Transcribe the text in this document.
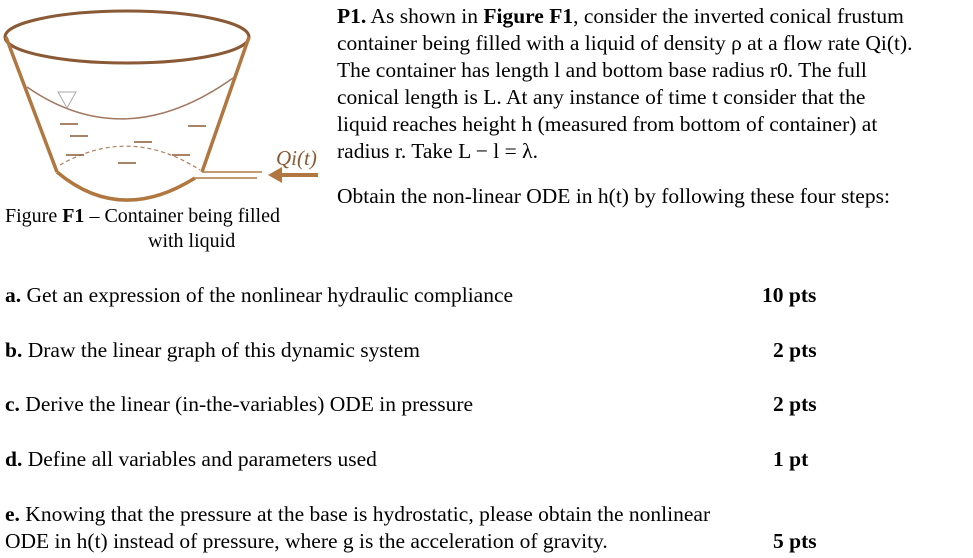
Qi(t)
Figure F1 – Container being filled
with liquid
P1. As shown in Figure F1, consider the inverted conical frustum
container being filled with a liquid of density ρ at a flow rate Qi(t).
The container has length l and bottom base radius r0. The full
conical length is L. At any instance of time t consider that the
liquid reaches height h (measured from bottom of container) at
radius r. Take L − l = λ.
Obtain the non-linear ODE in h(t) by following these four steps:
a. Get an expression of the nonlinear hydraulic compliance	10 pts
b. Draw the linear graph of this dynamic system	2 pts
c. Derive the linear (in-the-variables) ODE in pressure	2 pts
d. Define all variables and parameters used	1 pt
e. Knowing that the pressure at the base is hydrostatic, please obtain the nonlinear
ODE in h(t) instead of pressure, where g is the acceleration of gravity.	5 pts
